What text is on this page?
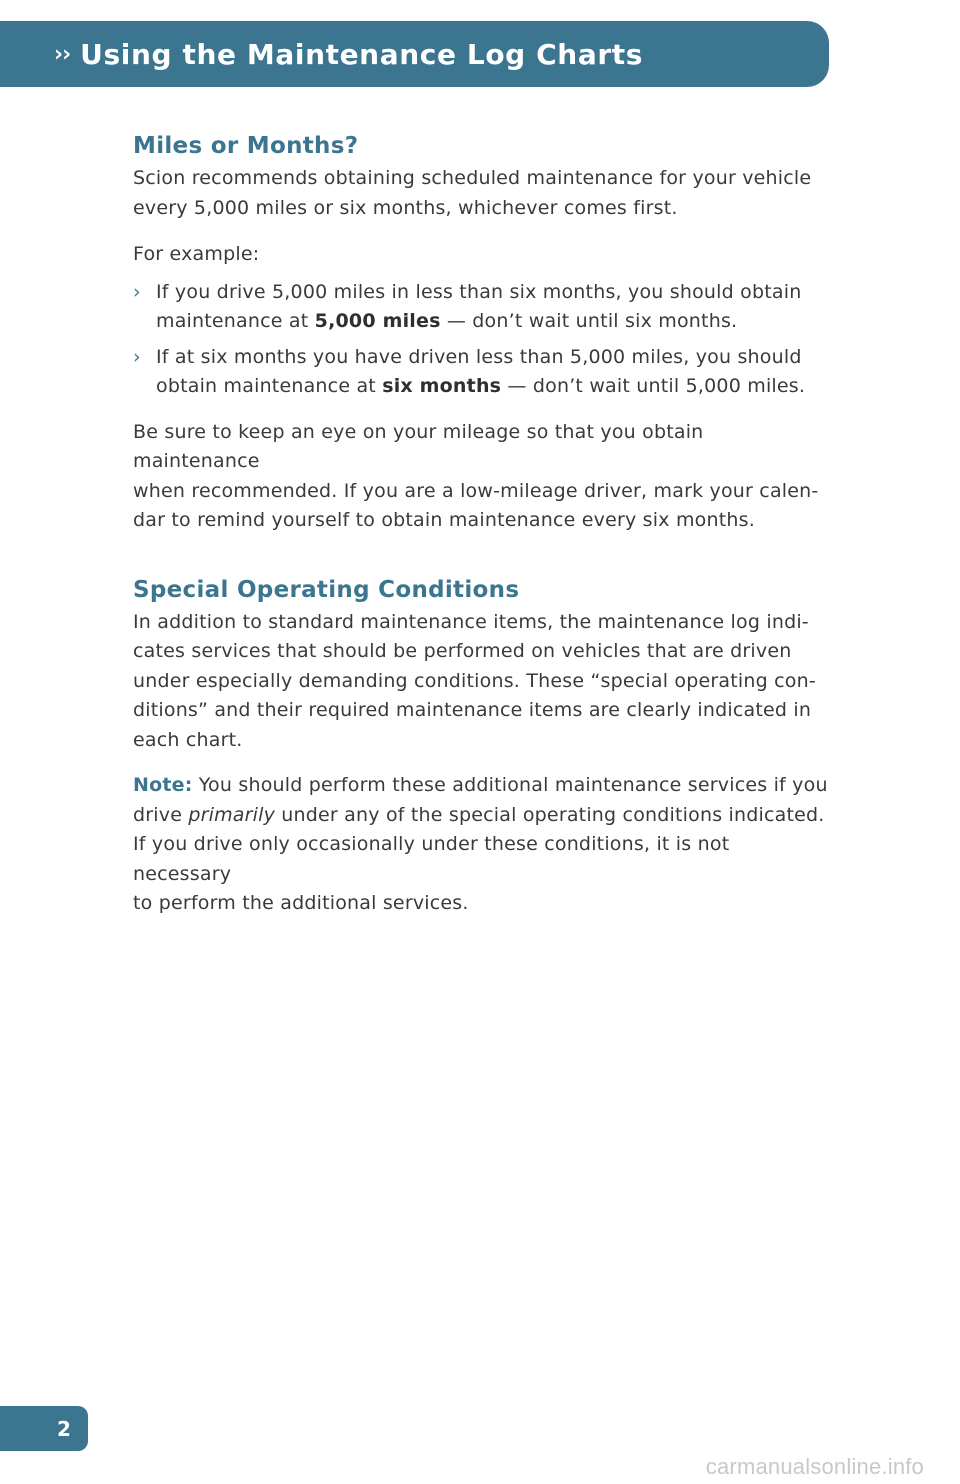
›› Using the Maintenance Log Charts
Miles or Months?

Scion recommends obtaining scheduled maintenance for your vehicle
every 5,000 miles or six months, whichever comes first.

For example:

› If you drive 5,000 miles in less than six months, you should obtain
maintenance at 5,000 miles — don’t wait until six months.
› If at six months you have driven less than 5,000 miles, you should
obtain maintenance at six months — don’t wait until 5,000 miles.

Be sure to keep an eye on your mileage so that you obtain maintenance
when recommended. If you are a low-mileage driver, mark your calen-
dar to remind yourself to obtain maintenance every six months.

Special Operating Conditions

In addition to standard maintenance items, the maintenance log indi-
cates services that should be performed on vehicles that are driven
under especially demanding conditions. These “special operating con-
ditions” and their required maintenance items are clearly indicated in
each chart.

Note: You should perform these additional maintenance services if you
drive primarily under any of the special operating conditions indicated.
If you drive only occasionally under these conditions, it is not necessary
to perform the additional services.

2
carmanualsonline.info
